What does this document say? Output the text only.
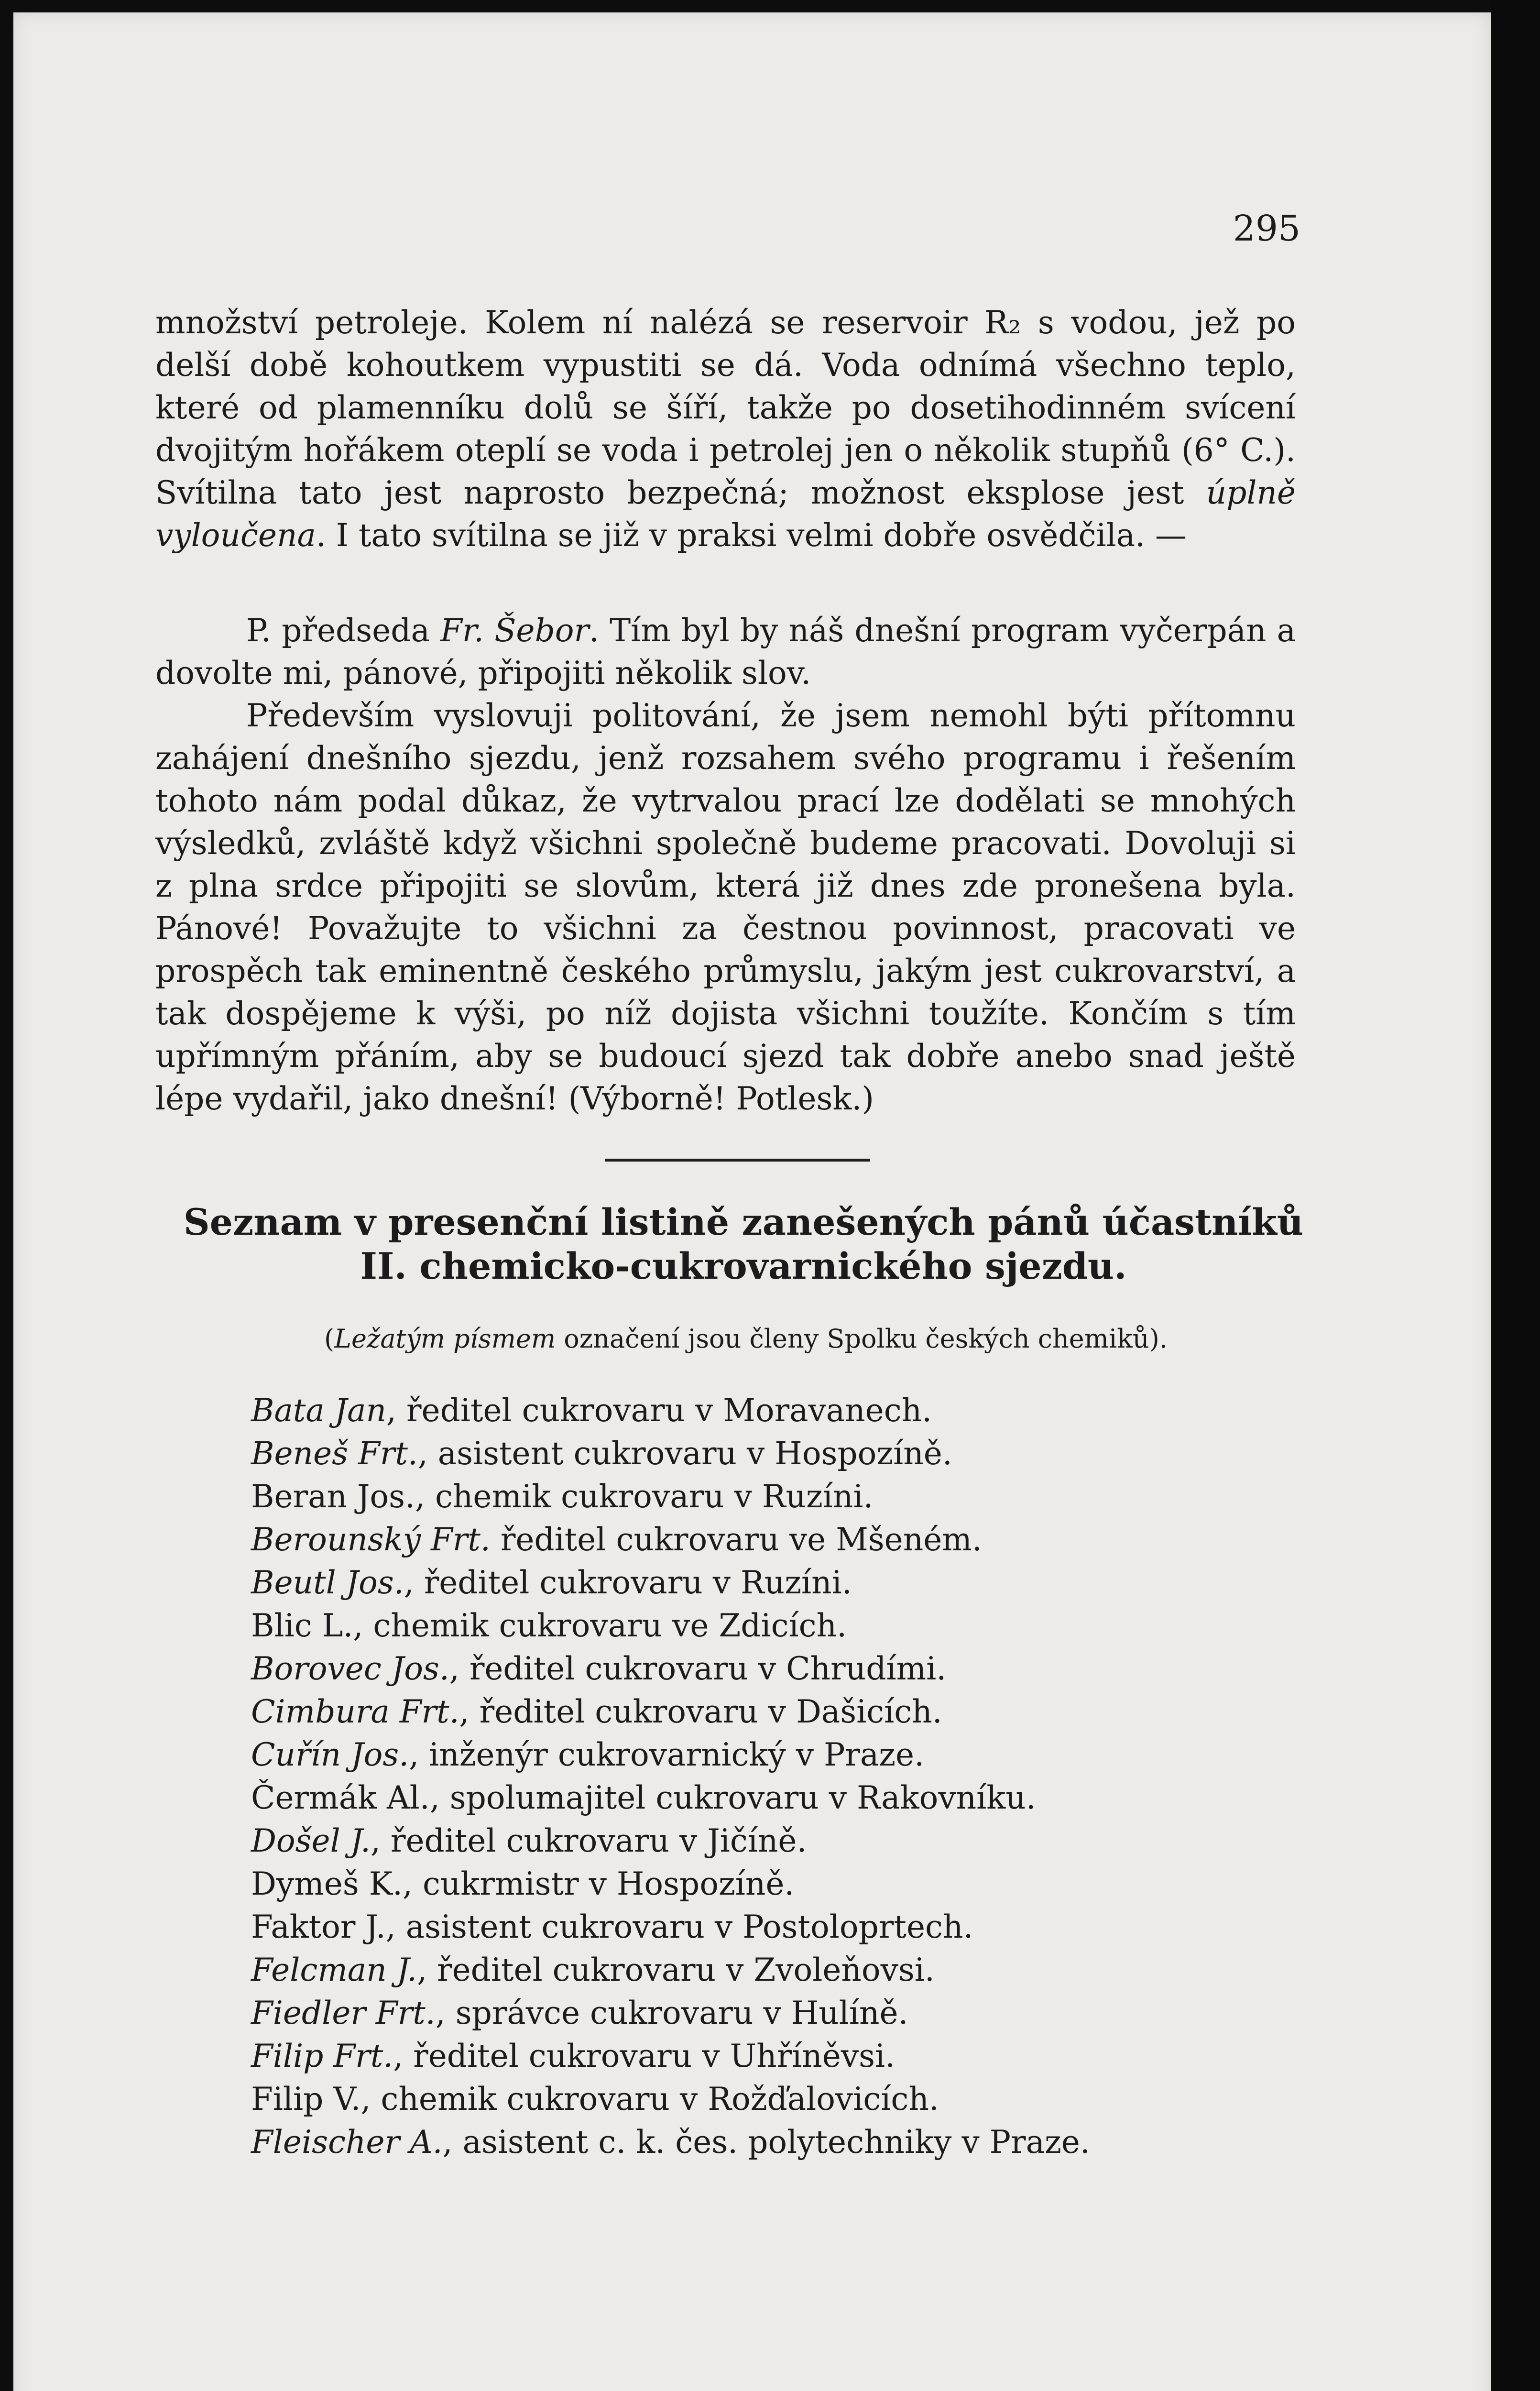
295

množství petroleje. Kolem ní nalézá se reservoir R₂ s vodou, jež po delší době kohoutkem vypustiti se dá. Voda odnímá všechno teplo, které od plamenníku dolů se šíří, takže po dosetihodinném svícení dvojitým hořákem oteplí se voda i petrolej jen o několik stupňů (6° C.). Svítilna tato jest naprosto bezpečná; možnost eksplose jest úplně vyloučena. I tato svítilna se již v praksi velmi dobře osvědčila. —

P. předseda Fr. Šebor. Tím byl by náš dnešní program vyčerpán a dovolte mi, pánové, připojiti několik slov.

Především vyslovuji politování, že jsem nemohl býti přítomnu zahájení dnešního sjezdu, jenž rozsahem svého programu i řešením tohoto nám podal důkaz, že vytrvalou prací lze dodělati se mnohých výsledků, zvláště když všichni společně budeme pracovati. Dovoluji si z plna srdce připojiti se slovům, která již dnes zde pronešena byla. Pánové! Považujte to všichni za čestnou povinnost, pracovati ve prospěch tak eminentně českého průmyslu, jakým jest cukrovarství, a tak dospějeme k výši, po níž dojista všichni toužíte. Končím s tím upřímným přáním, aby se budoucí sjezd tak dobře anebo snad ještě lépe vydařil, jako dnešní! (Výborně! Potlesk.)

Seznam v presenční listině zanešených pánů účastníků II. chemicko-cukrovarnického sjezdu.

(Ležatým písmem označení jsou členy Spolku českých chemiků).

Bata Jan, ředitel cukrovaru v Moravanech.
Beneš Frt., asistent cukrovaru v Hospozíně.
Beran Jos., chemik cukrovaru v Ruzíni.
Berounský Frt. ředitel cukrovaru ve Mšeném.
Beutl Jos., ředitel cukrovaru v Ruzíni.
Blic L., chemik cukrovaru ve Zdicích.
Borovec Jos., ředitel cukrovaru v Chrudími.
Cimbura Frt., ředitel cukrovaru v Dašicích.
Cuřín Jos., inženýr cukrovarnický v Praze.
Čermák Al., spolumajitel cukrovaru v Rakovníku.
Došel J., ředitel cukrovaru v Jičíně.
Dymeš K., cukrmistr v Hospozíně.
Faktor J., asistent cukrovaru v Postoloprtech.
Felcman J., ředitel cukrovaru v Zvoleňovsi.
Fiedler Frt., správce cukrovaru v Hulíně.
Filip Frt., ředitel cukrovaru v Uhříněvsi.
Filip V., chemik cukrovaru v Rožďalovicích.
Fleischer A., asistent c. k. čes. polytechniky v Praze.
